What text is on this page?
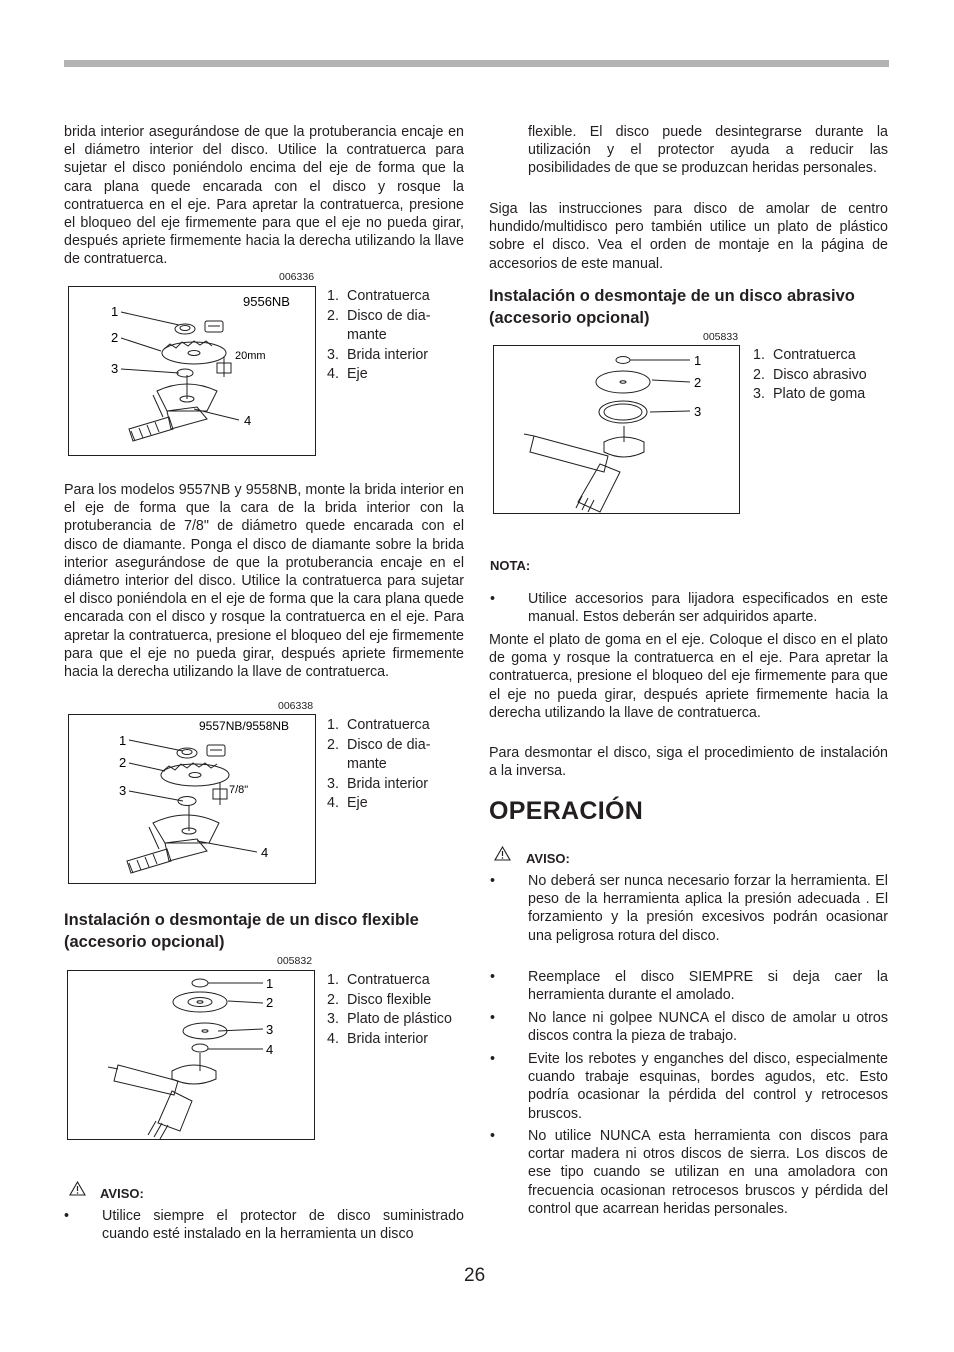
brida interior asegurándose de que la protuberancia encaje en el diámetro interior del disco. Utilice la contratuerca para sujetar el disco poniéndolo encima del eje de forma que la cara plana quede encarada con el disco y rosque la contratuerca en el eje. Para apretar la contratuerca, presione el bloqueo del eje firmemente para que el eje no pueda girar, después apriete firmemente hacia la derecha utilizando la llave de contratuerca.

006336
9556NB
20mm
1
2
3
4
1. Contratuerca
2. Disco de diamante
3. Brida interior
4. Eje

Para los modelos 9557NB y 9558NB, monte la brida interior en el eje de forma que la cara de la brida interior con la protuberancia de 7/8" de diámetro quede encarada con el disco de diamante. Ponga el disco de diamante sobre la brida interior asegurándose de que la protuberancia encaje en el diámetro interior del disco. Utilice la contratuerca para sujetar el disco poniéndola en el eje de forma que la cara plana quede encarada con el disco y rosque la contratuerca en el eje. Para apretar la contratuerca, presione el bloqueo del eje firmemente para que el eje no pueda girar, después apriete firmemente hacia la derecha utilizando la llave de contratuerca.

006338
9557NB/9558NB
7/8"
1
2
3
4
1. Contratuerca
2. Disco de diamante
3. Brida interior
4. Eje
Instalación o desmontaje de un disco flexible (accesorio opcional)
005832
1
2
3
4
1. Contratuerca
2. Disco flexible
3. Plato de plástico
4. Brida interior
AVISO:
• Utilice siempre el protector de disco suministrado cuando esté instalado en la herramienta un disco
flexible. El disco puede desintegrarse durante la utilización y el protector ayuda a reducir las posibilidades de que se produzcan heridas personales.

Siga las instrucciones para disco de amolar de centro hundido/multidisco pero también utilice un plato de plástico sobre el disco. Vea el orden de montaje en la página de accesorios de este manual.

Instalación o desmontaje de un disco abrasivo (accesorio opcional)
005833
1
2
3
1. Contratuerca
2. Disco abrasivo
3. Plato de goma
NOTA:
• Utilice accesorios para lijadora especificados en este manual. Estos deberán ser adquiridos aparte.

Monte el plato de goma en el eje. Coloque el disco en el plato de goma y rosque la contratuerca en el eje. Para apretar la contratuerca, presione el bloqueo del eje firmemente para que el eje no pueda girar, después apriete firmemente hacia la derecha utilizando la llave de contratuerca.

Para desmontar el disco, siga el procedimiento de instalación a la inversa.

OPERACIÓN
AVISO:
• No deberá ser nunca necesario forzar la herramienta. El peso de la herramienta aplica la presión adecuada . El forzamiento y la presión excesivos podrán ocasionar una peligrosa rotura del disco.
• Reemplace el disco SIEMPRE si deja caer la herramienta durante el amolado.
• No lance ni golpee NUNCA el disco de amolar u otros discos contra la pieza de trabajo.
• Evite los rebotes y enganches del disco, especialmente cuando trabaje esquinas, bordes agudos, etc. Esto podría ocasionar la pérdida del control y retrocesos bruscos.
• No utilice NUNCA esta herramienta con discos para cortar madera ni otros discos de sierra. Los discos de ese tipo cuando se utilizan en una amoladora con frecuencia ocasionan retrocesos bruscos y pérdida del control que acarrean heridas personales.
26
